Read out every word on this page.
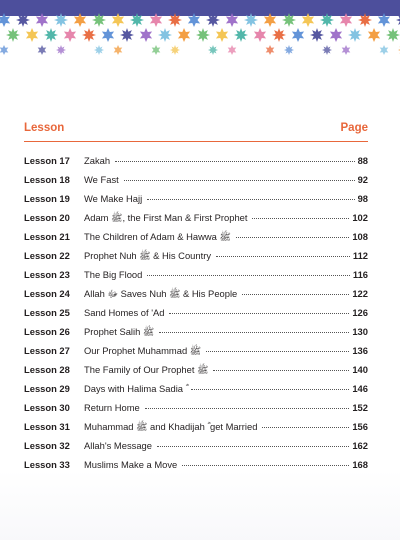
Lesson	Page
Lesson 17	Zakah	88
Lesson 18	We Fast	92
Lesson 19	We Make Hajj	98
Lesson 20	Adam ﷺ, the First Man & First Prophet	102
Lesson 21	The Children of Adam & Hawwa ﷺ	108
Lesson 22	Prophet Nuh ﷺ & His Country	112
Lesson 23	The Big Flood	116
Lesson 24	Allah ﷻ Saves Nuh ﷺ & His People	122
Lesson 25	Sand Homes of 'Ad	126
Lesson 26	Prophet Salih ﷺ	130
Lesson 27	Our Prophet Muhammad ﷺ	136
Lesson 28	The Family of Our Prophet ﷺ	140
Lesson 29	Days with Halima Sadia ؓ	146
Lesson 30	Return Home	152
Lesson 31	Muhammad ﷺ and Khadijah ؓ get Married	156
Lesson 32	Allah's Message	162
Lesson 33	Muslims Make a Move	168
